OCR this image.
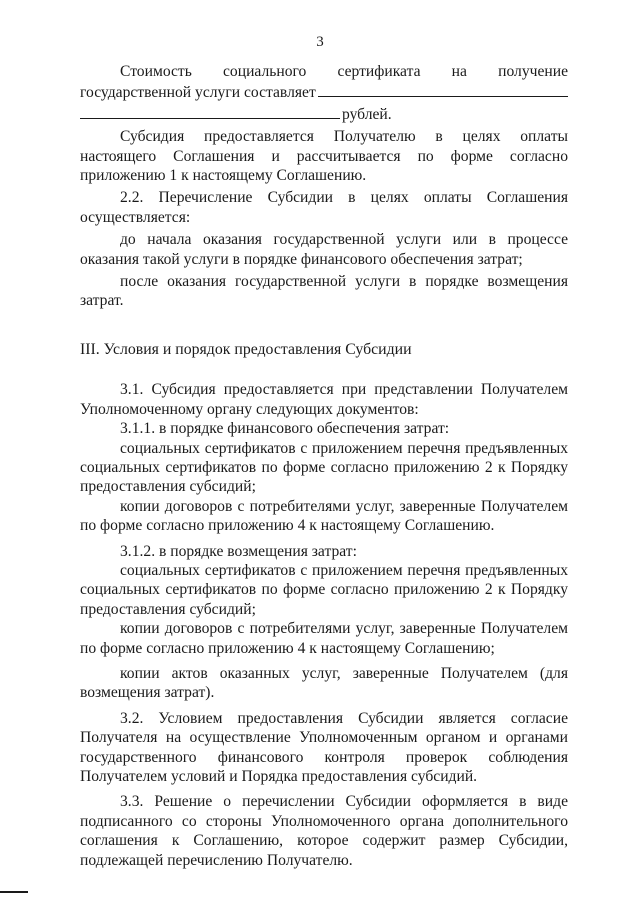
3
Стоимость социального сертификата на получение
государственной услуги составляет
рублей.

Субсидия предоставляется Получателю в целях оплаты настоящего Соглашения и рассчитывается по форме согласно приложению 1 к настоящему Соглашению.

2.2. Перечисление Субсидии в целях оплаты Соглашения осуществляется:

до начала оказания государственной услуги или в процессе оказания такой услуги в порядке финансового обеспечения затрат;

после оказания государственной услуги в порядке возмещения затрат.

III. Условия и порядок предоставления Субсидии

3.1. Субсидия предоставляется при представлении Получателем Уполномоченному органу следующих документов:

3.1.1. в порядке финансового обеспечения затрат:

социальных сертификатов с приложением перечня предъявленных социальных сертификатов по форме согласно приложению 2 к Порядку предоставления субсидий;

копии договоров с потребителями услуг, заверенные Получателем по форме согласно приложению 4 к настоящему Соглашению.

3.1.2. в порядке возмещения затрат:

социальных сертификатов с приложением перечня предъявленных социальных сертификатов по форме согласно приложению 2 к Порядку предоставления субсидий;

копии договоров с потребителями услуг, заверенные Получателем по форме согласно приложению 4 к настоящему Соглашению;

копии актов оказанных услуг, заверенные Получателем (для возмещения затрат).

3.2. Условием предоставления Субсидии является согласие Получателя на осуществление Уполномоченным органом и органами государственного финансового контроля проверок соблюдения Получателем условий и Порядка предоставления субсидий.

3.3. Решение о перечислении Субсидии оформляется в виде подписанного со стороны Уполномоченного органа дополнительного соглашения к Соглашению, которое содержит размер Субсидии, подлежащей перечислению Получателю.
